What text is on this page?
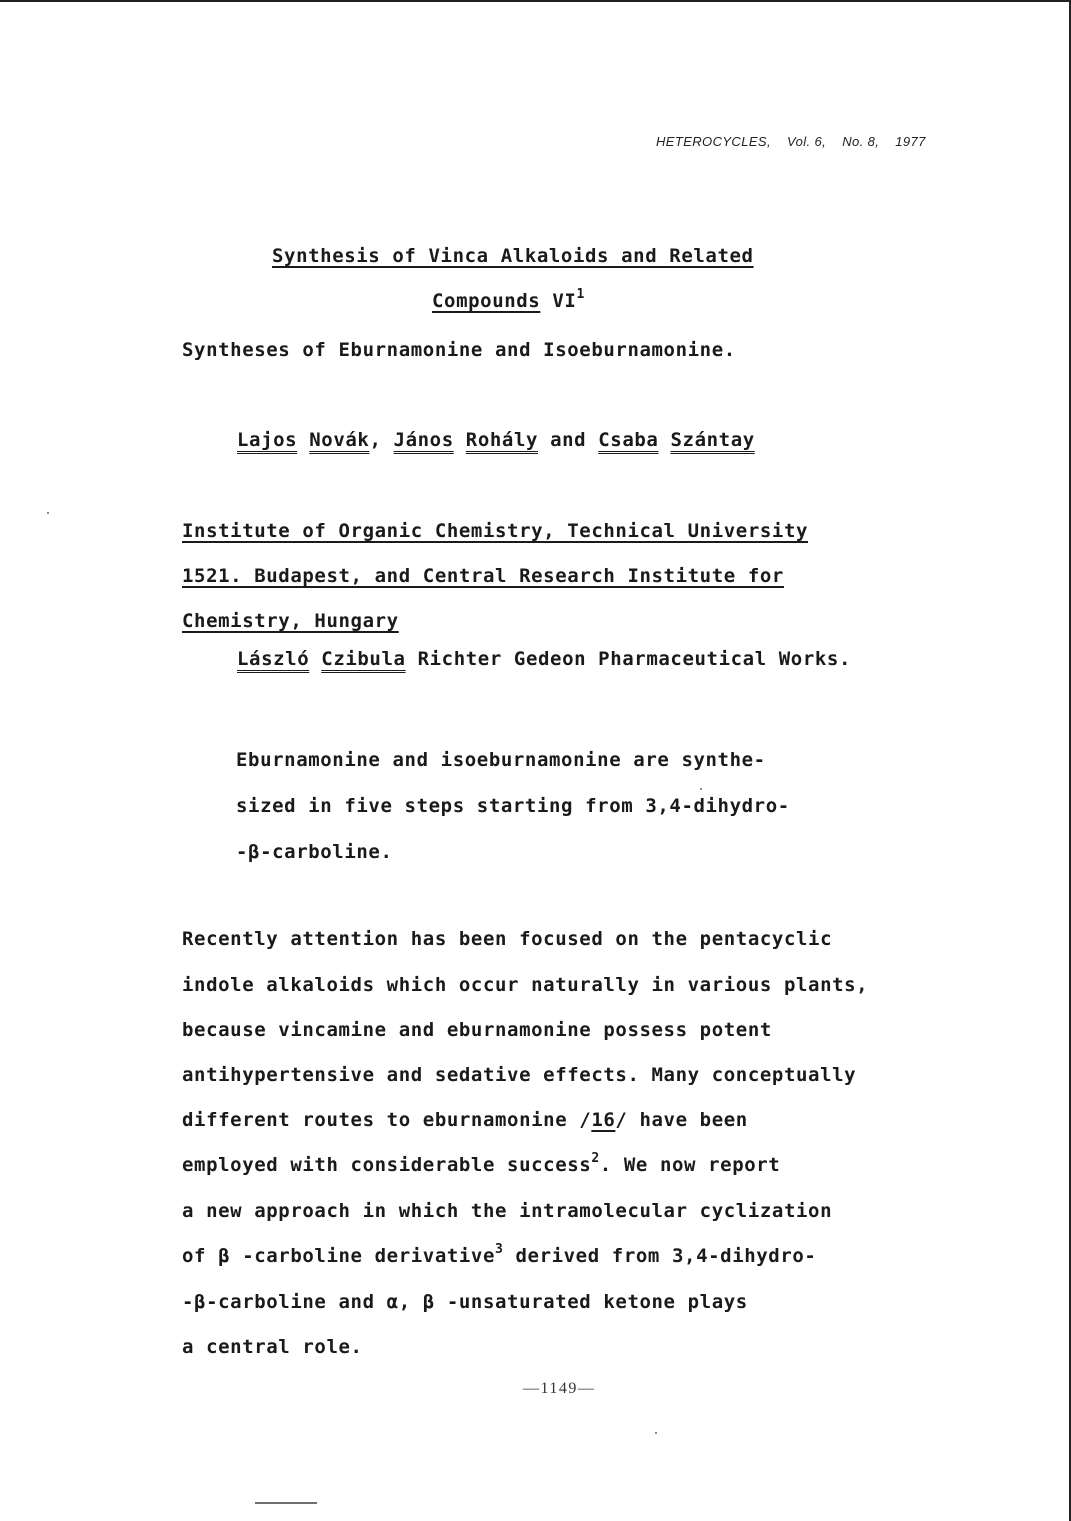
HETEROCYCLES, Vol. 6, No. 8, 1977
Synthesis of Vinca Alkaloids and Related
Compounds $VI^1$
Syntheses of Eburnamonine and Isoeburnamonine.
Lajos Novák, János Rohály and Csaba Szántay
Institute of Organic Chemistry, Technical University
1521. Budapest, and Central Research Institute for
Chemistry, Hungary
László Czibula Richter Gedeon Pharmaceutical Works.
Eburnamonine and isoeburnamonine are synthe-
sized in five steps starting from 3,4-dihydro-
-β-carboline.
Recently attention has been focused on the pentacyclic
indole alkaloids which occur naturally in various plants,
because vincamine and eburnamonine possess potent
antihypertensive and sedative effects. Many conceptually
different routes to eburnamonine /16/ have been
employed with considerable success$^2$. We now report
a new approach in which the intramolecular cyclization
of β -carboline derivative$^3$ derived from 3,4-dihydro-
-β-carboline and α, β -unsaturated ketone plays
a central role.
—1149—
